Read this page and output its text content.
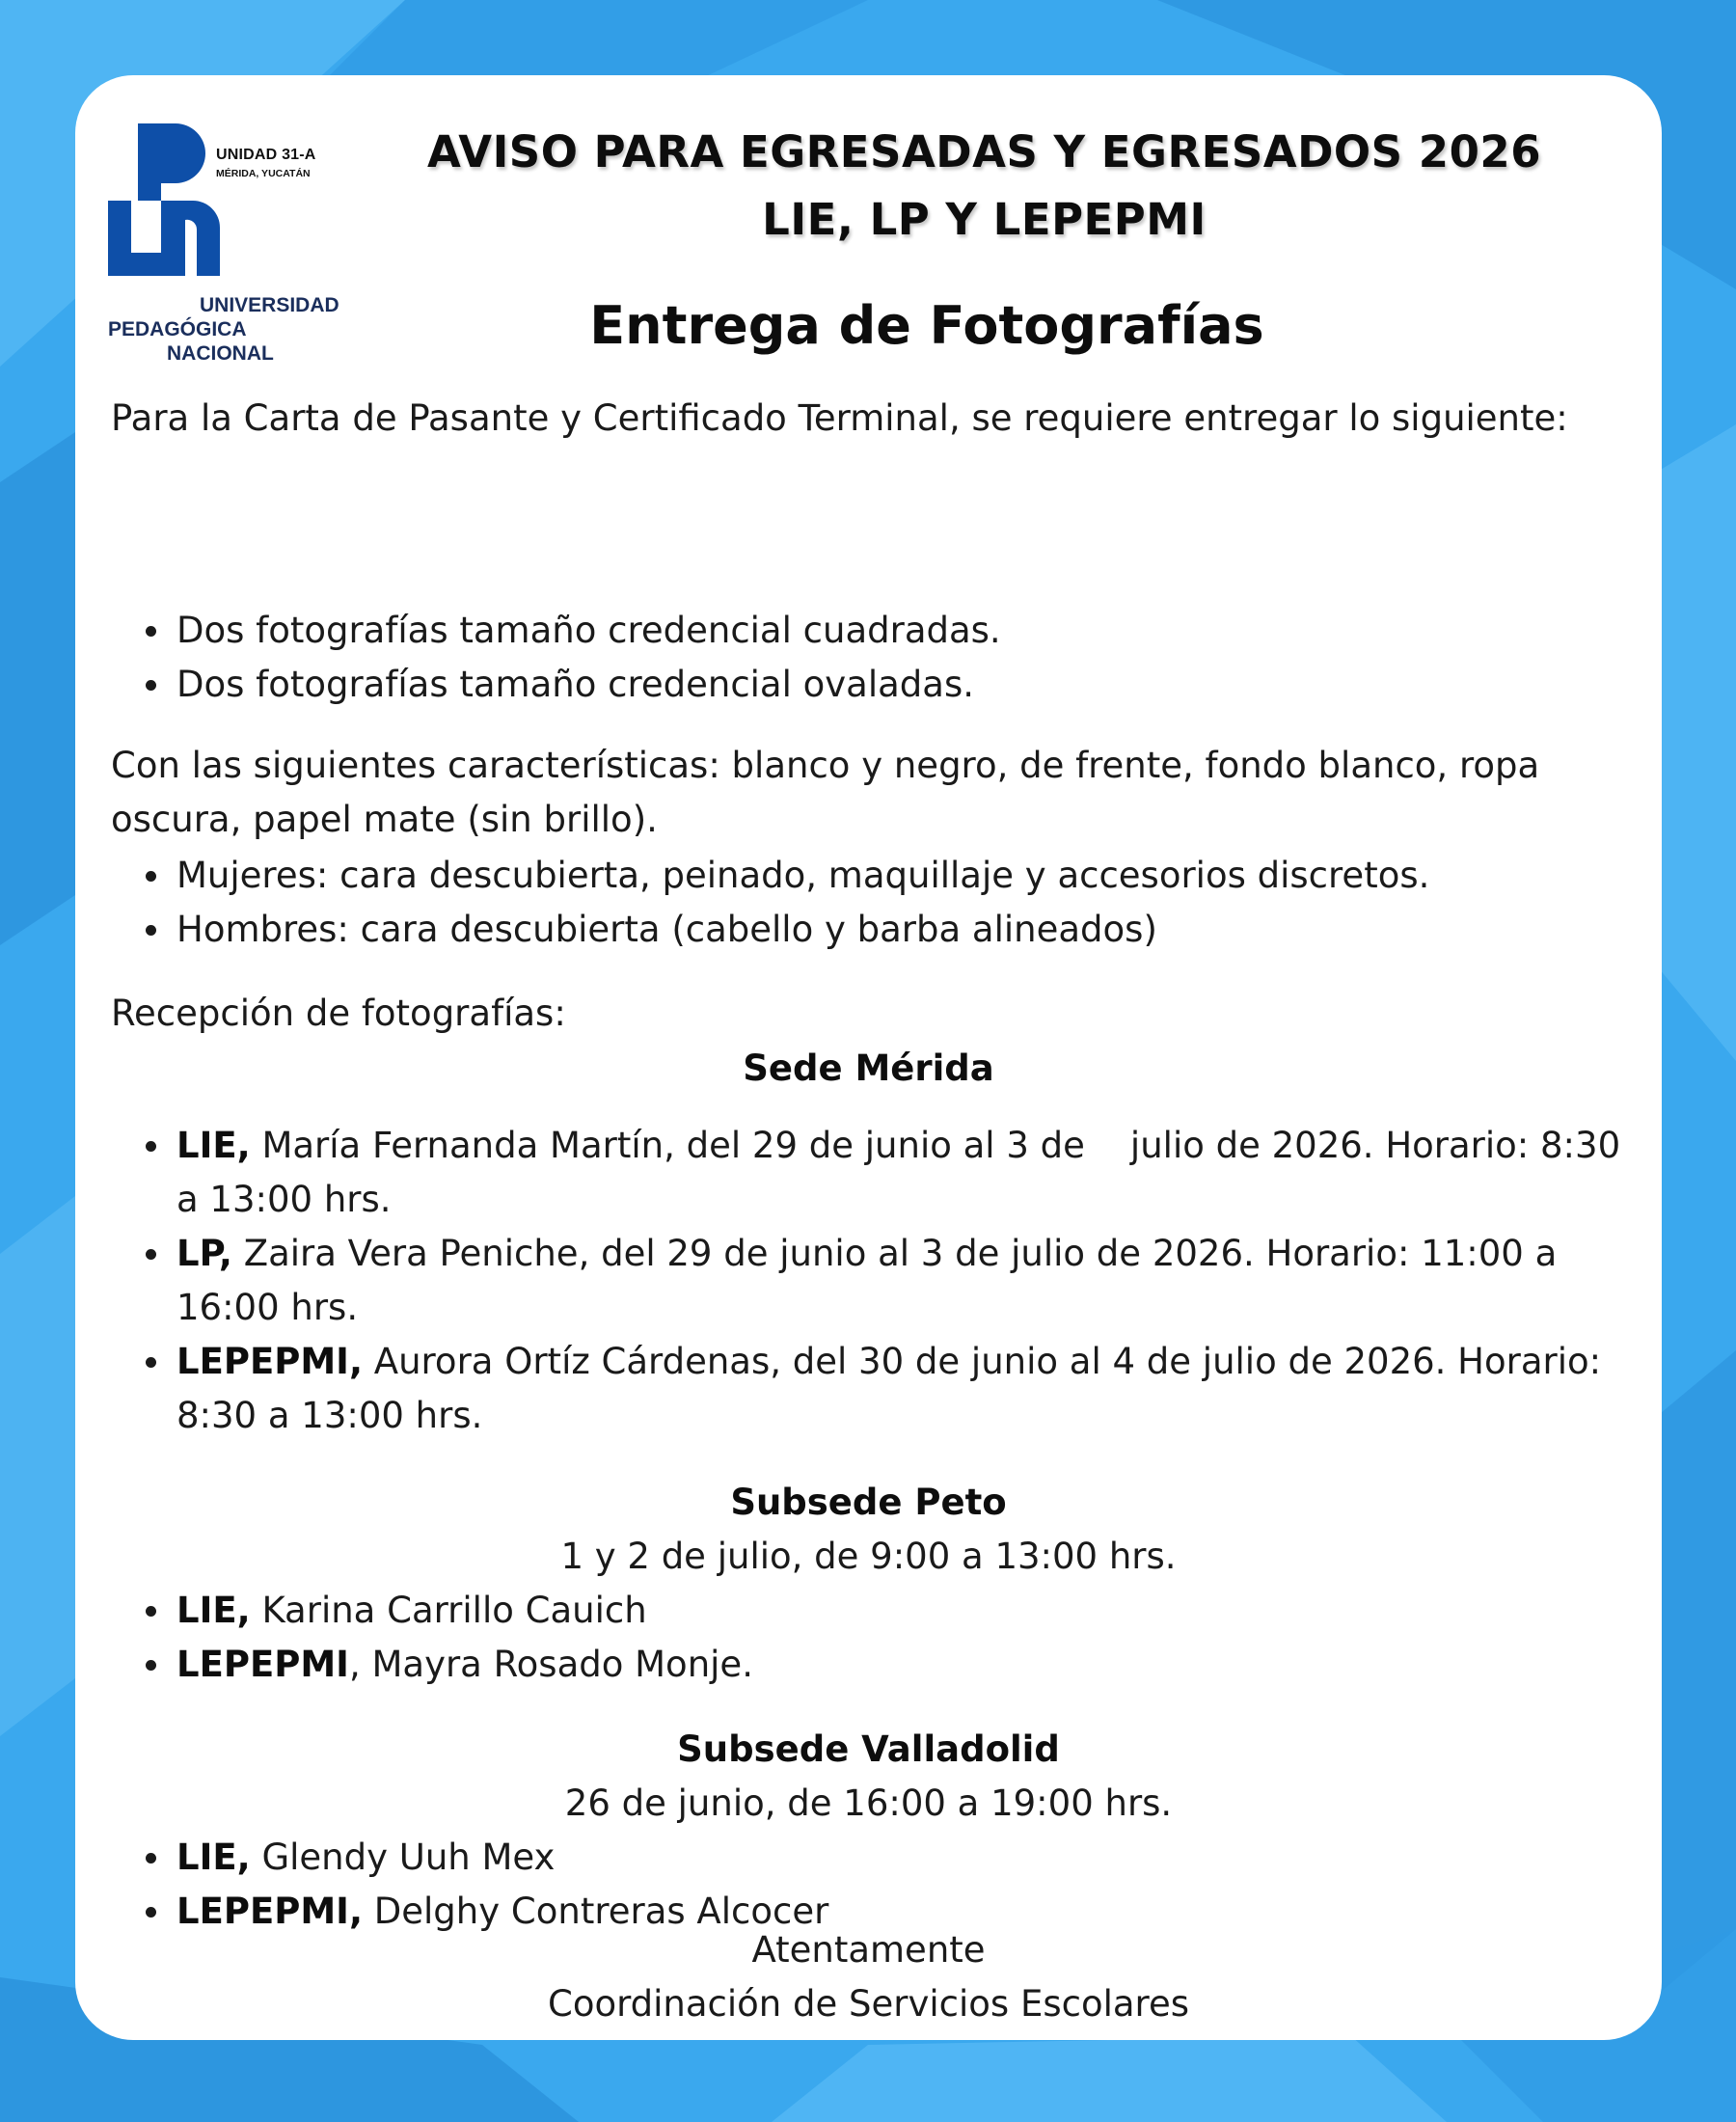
UNIDAD 31-A
MÉRIDA, YUCATÁN
UNIVERSIDAD
PEDAGÓGICA
NACIONAL
AVISO PARA EGRESADAS Y EGRESADOS 2026
LIE, LP Y LEPEPMI
Entrega de Fotografías
Para la Carta de Pasante y Certificado Terminal, se requiere entregar lo siguiente:
Dos fotografías tamaño credencial cuadradas.
Dos fotografías tamaño credencial ovaladas.
Con las siguientes características: blanco y negro, de frente, fondo blanco, ropa oscura, papel mate (sin brillo).
Mujeres: cara descubierta, peinado, maquillaje y accesorios discretos.
Hombres: cara descubierta (cabello y barba alineados)
Recepción de fotografías:
Sede Mérida
LIE, María Fernanda Martín, del 29 de junio al 3 de    julio de 2026. Horario: 8:30 a 13:00 hrs.
LP, Zaira Vera Peniche, del 29 de junio al 3 de julio de 2026. Horario: 11:00 a 16:00 hrs.
LEPEPMI, Aurora Ortíz Cárdenas, del 30 de junio al 4 de julio de 2026. Horario: 8:30 a 13:00 hrs.
Subsede Peto
1 y 2 de julio, de 9:00 a 13:00 hrs.
LIE, Karina Carrillo Cauich
LEPEPMI, Mayra Rosado Monje.
Subsede Valladolid
26 de junio, de 16:00 a 19:00 hrs.
LIE, Glendy Uuh Mex
LEPEPMI, Delghy Contreras Alcocer
Atentamente
Coordinación de Servicios Escolares
